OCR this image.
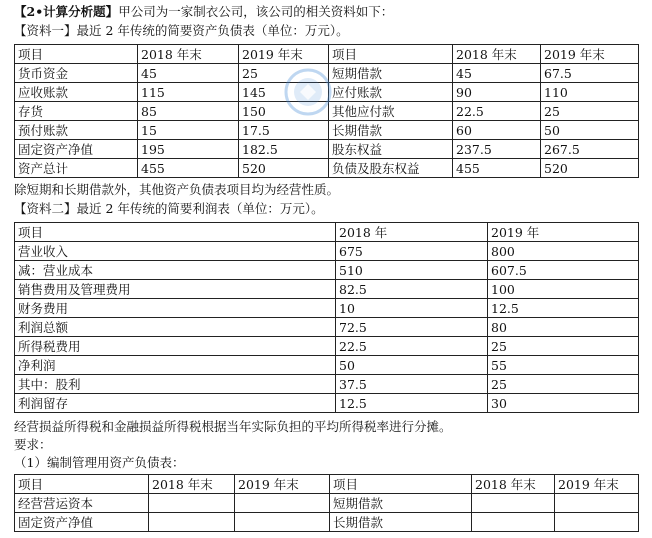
【2•计算分析题】甲公司为一家制衣公司，该公司的相关资料如下：
【资料一】最近 2 年传统的简要资产负债表（单位：万元）。
项目	2018 年末	2019 年末	项目	2018 年末	2019 年末
货币资金	45	25	短期借款	45	67.5
应收账款	115	145	应付账款	90	110
存货	85	150	其他应付款	22.5	25
预付账款	15	17.5	长期借款	60	50
固定资产净值	195	182.5	股东权益	237.5	267.5
资产总计	455	520	负债及股东权益	455	520
除短期和长期借款外，其他资产负债表项目均为经营性质。
【资料二】最近 2 年传统的简要利润表（单位：万元）。
项目	2018 年	2019 年
营业收入	675	800
减：营业成本	510	607.5
销售费用及管理费用	82.5	100
财务费用	10	12.5
利润总额	72.5	80
所得税费用	22.5	25
净利润	50	55
其中：股利	37.5	25
利润留存	12.5	30
经营损益所得税和金融损益所得税根据当年实际负担的平均所得税率进行分摊。
要求：
（1）编制管理用资产负债表：
项目	2018 年末	2019 年末	项目	2018 年末	2019 年末
经营营运资本			短期借款		
固定资产净值			长期借款		
